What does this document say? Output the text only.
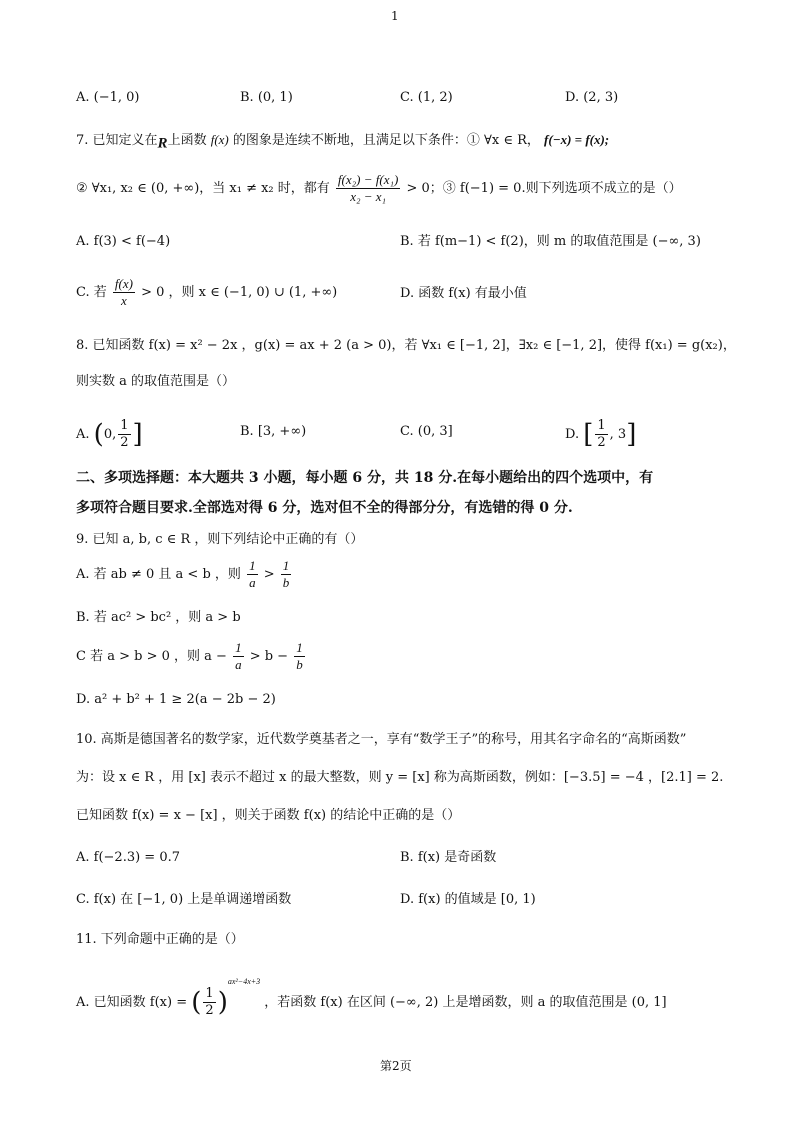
1
A. (−1, 0)	B. (0, 1)	C. (1, 2)	D. (2, 3)
7. 已知定义在R上函数 f(x) 的图象是连续不断地，且满足以下条件：① ∀x ∈ R， f(−x) = f(x);
② ∀x₁, x₂ ∈ (0, +∞)，当 x₁ ≠ x₂ 时，都有 $\frac{\text{f(x₂) − f(x₁)}}{\text{x₂ − x₁}} > 0$；③ f(−1) = 0.则下列选项不成立的是（）
A. f(3) < f(−4)	B. 若 f(m−1) < f(2)，则 m 的取值范围是 (−∞, 3)
C. 若 $\frac{f(x)}{x} > 0$ ，则 x ∈ (−1, 0) ∪ (1, +∞)	D. 函数 f(x) 有最小值
8. 已知函数 f(x) = x² − 2x ，g(x) = ax + 2 (a > 0)，若 ∀x₁ ∈ [−1, 2]，∃x₂ ∈ [−1, 2]，使得 f(x₁) = g(x₂)，
则实数 a 的取值范围是（）
A. (0, $\frac{1}{2}$ ]	B. [3, +∞)	C. (0, 3]	D. [ $\frac{1}{2}$ , 3]
二、多项选择题：本大题共 3 小题，每小题 6 分，共 18 分.在每小题给出的四个选项中，有
多项符合题目要求.全部选对得 6 分，选对但不全的得部分分，有选错的得 0 分.
9. 已知 a, b, c ∈ R ，则下列结论中正确的有（）
A. 若 ab ≠ 0 且 a < b ，则 $\frac{1}{a} > \frac{1}{b}$
B. 若 ac² > bc² ，则 a > b
C 若 a > b > 0 ，则 $a - \frac{1}{a} > b - \frac{1}{b}$
D. a² + b² + 1 ≥ 2(a − 2b − 2)
10. 高斯是德国著名的数学家，近代数学奠基者之一，享有“数学王子”的称号，用其名字命名的“高斯函数”
为：设 x ∈ R ，用 [x] 表示不超过 x 的最大整数，则 y = [x] 称为高斯函数，例如：[−3.5] = −4 ，[2.1] = 2.
已知函数 f(x) = x − [x] ，则关于函数 f(x) 的结论中正确的是（）
A. f(−2.3) = 0.7	B. f(x) 是奇函数
C. f(x) 在 [−1, 0) 上是单调递增函数	D. f(x) 的值域是 [0, 1)
11. 下列命题中正确的是（）
A. 已知函数 f(x) = ( $\frac{1}{2} )^{ax^2-4x+3}$ ，若函数 f(x) 在区间 (−∞, 2) 上是增函数，则 a 的取值范围是 (0, 1]
第2页
